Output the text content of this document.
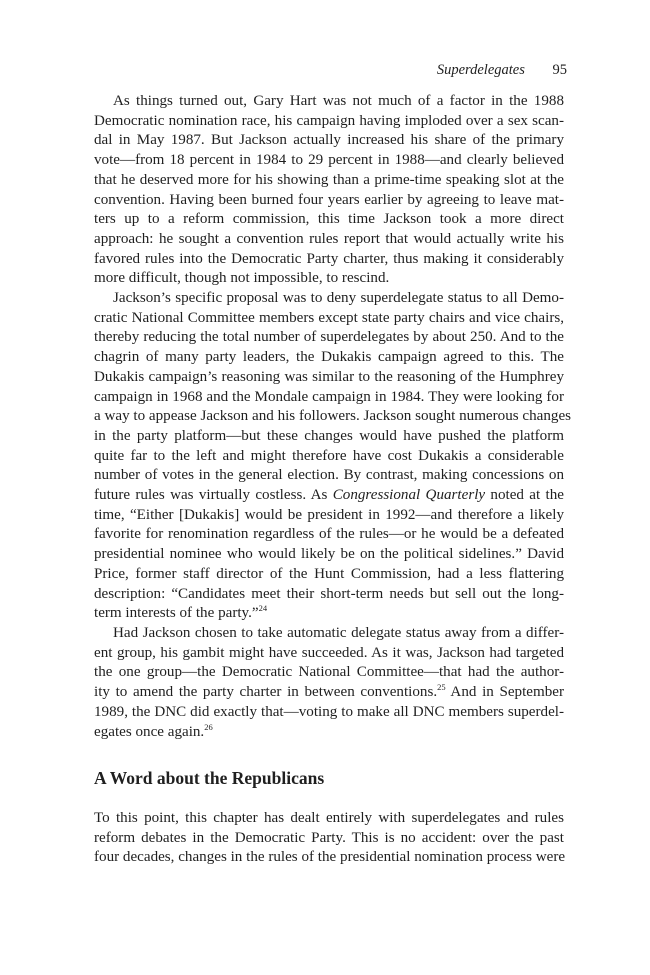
Superdelegates 95
As things turned out, Gary Hart was not much of a factor in the 1988
Democratic nomination race, his campaign having imploded over a sex scan-
dal in May 1987. But Jackson actually increased his share of the primary
vote—from 18 percent in 1984 to 29 percent in 1988—and clearly believed
that he deserved more for his showing than a prime-time speaking slot at the
convention. Having been burned four years earlier by agreeing to leave mat-
ters up to a reform commission, this time Jackson took a more direct
approach: he sought a convention rules report that would actually write his
favored rules into the Democratic Party charter, thus making it considerably
more difficult, though not impossible, to rescind.
Jackson’s specific proposal was to deny superdelegate status to all Demo-
cratic National Committee members except state party chairs and vice chairs,
thereby reducing the total number of superdelegates by about 250. And to the
chagrin of many party leaders, the Dukakis campaign agreed to this. The
Dukakis campaign’s reasoning was similar to the reasoning of the Humphrey
campaign in 1968 and the Mondale campaign in 1984. They were looking for
a way to appease Jackson and his followers. Jackson sought numerous changes
in the party platform—but these changes would have pushed the platform
quite far to the left and might therefore have cost Dukakis a considerable
number of votes in the general election. By contrast, making concessions on
future rules was virtually costless. As Congressional Quarterly noted at the
time, “Either [Dukakis] would be president in 1992—and therefore a likely
favorite for renomination regardless of the rules—or he would be a defeated
presidential nominee who would likely be on the political sidelines.” David
Price, former staff director of the Hunt Commission, had a less flattering
description: “Candidates meet their short-term needs but sell out the long-
term interests of the party.”$^{24}$
Had Jackson chosen to take automatic delegate status away from a differ-
ent group, his gambit might have succeeded. As it was, Jackson had targeted
the one group—the Democratic National Committee—that had the author-
ity to amend the party charter in between conventions.$^{25}$ And in September
1989, the DNC did exactly that—voting to make all DNC members superdel-
egates once again.$^{26}$
A Word about the Republicans
To this point, this chapter has dealt entirely with superdelegates and rules
reform debates in the Democratic Party. This is no accident: over the past
four decades, changes in the rules of the presidential nomination process were
